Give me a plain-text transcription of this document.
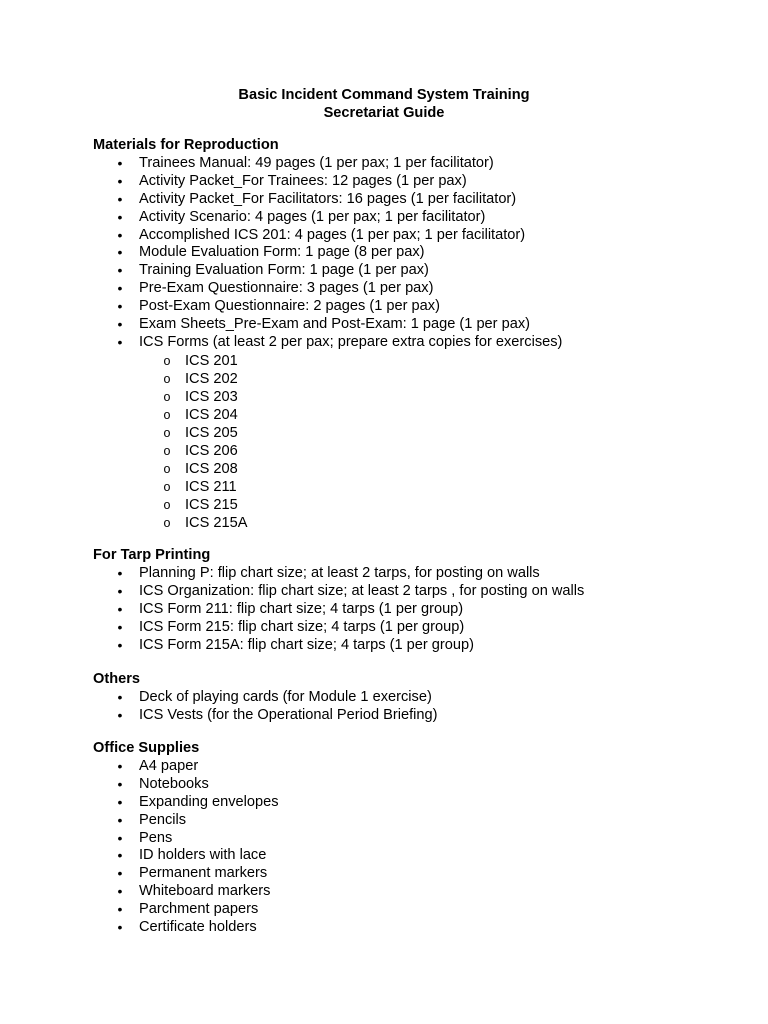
Basic Incident Command System Training
Secretariat Guide
Materials for Reproduction
• Trainees Manual: 49 pages (1 per pax; 1 per facilitator)
• Activity Packet_For Trainees: 12 pages (1 per pax)
• Activity Packet_For Facilitators: 16 pages (1 per facilitator)
• Activity Scenario: 4 pages (1 per pax; 1 per facilitator)
• Accomplished ICS 201: 4 pages (1 per pax; 1 per facilitator)
• Module Evaluation Form: 1 page (8 per pax)
• Training Evaluation Form: 1 page (1 per pax)
• Pre-Exam Questionnaire: 3 pages (1 per pax)
• Post-Exam Questionnaire: 2 pages (1 per pax)
• Exam Sheets_Pre-Exam and Post-Exam: 1 page (1 per pax)
• ICS Forms (at least 2 per pax; prepare extra copies for exercises)
o ICS 201
o ICS 202
o ICS 203
o ICS 204
o ICS 205
o ICS 206
o ICS 208
o ICS 211
o ICS 215
o ICS 215A
For Tarp Printing
• Planning P: flip chart size; at least 2 tarps, for posting on walls
• ICS Organization: flip chart size; at least 2 tarps , for posting on walls
• ICS Form 211: flip chart size; 4 tarps (1 per group)
• ICS Form 215: flip chart size; 4 tarps (1 per group)
• ICS Form 215A: flip chart size; 4 tarps (1 per group)
Others
• Deck of playing cards (for Module 1 exercise)
• ICS Vests (for the Operational Period Briefing)
Office Supplies
• A4 paper
• Notebooks
• Expanding envelopes
• Pencils
• Pens
• ID holders with lace
• Permanent markers
• Whiteboard markers
• Parchment papers
• Certificate holders
